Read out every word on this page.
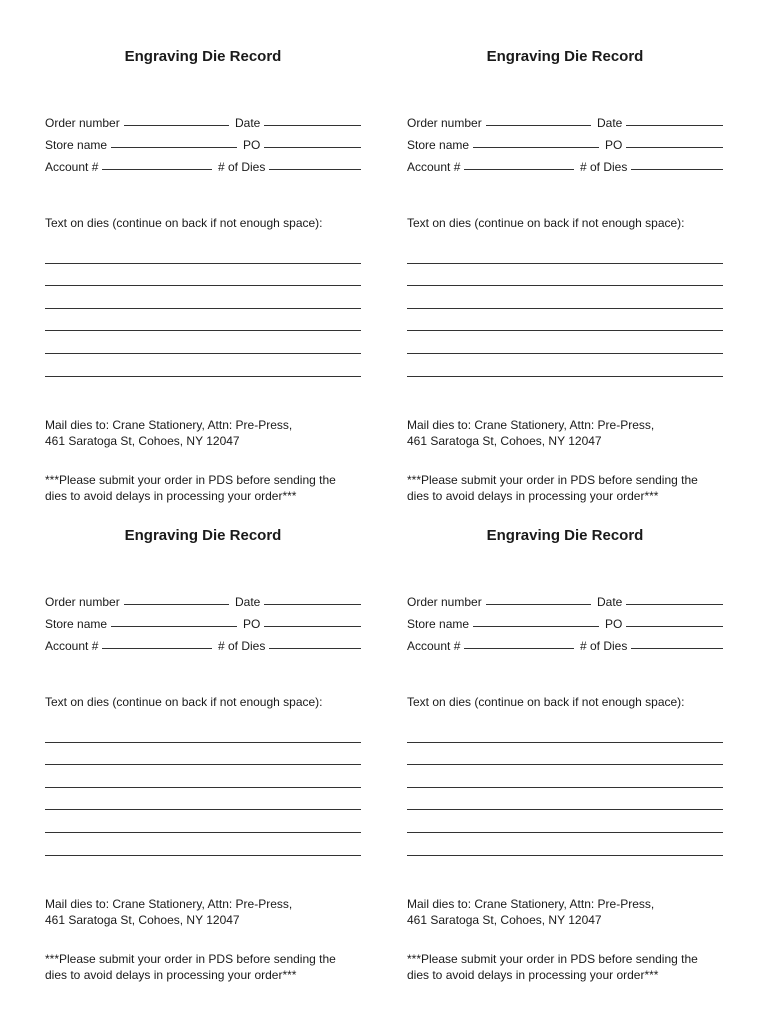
Engraving Die Record
Order number	Date
Store name	PO
Account #	# of Dies
Text on dies (continue on back if not enough space):
Mail dies to: Crane Stationery, Attn: Pre-Press,
461 Saratoga St, Cohoes, NY 12047
***Please submit your order in PDS before sending the
dies to avoid delays in processing your order***
Engraving Die Record
Order number	Date
Store name	PO
Account #	# of Dies
Text on dies (continue on back if not enough space):
Mail dies to: Crane Stationery, Attn: Pre-Press,
461 Saratoga St, Cohoes, NY 12047
***Please submit your order in PDS before sending the
dies to avoid delays in processing your order***
Engraving Die Record
Order number	Date
Store name	PO
Account #	# of Dies
Text on dies (continue on back if not enough space):
Mail dies to: Crane Stationery, Attn: Pre-Press,
461 Saratoga St, Cohoes, NY 12047
***Please submit your order in PDS before sending the
dies to avoid delays in processing your order***
Engraving Die Record
Order number	Date
Store name	PO
Account #	# of Dies
Text on dies (continue on back if not enough space):
Mail dies to: Crane Stationery, Attn: Pre-Press,
461 Saratoga St, Cohoes, NY 12047
***Please submit your order in PDS before sending the
dies to avoid delays in processing your order***
